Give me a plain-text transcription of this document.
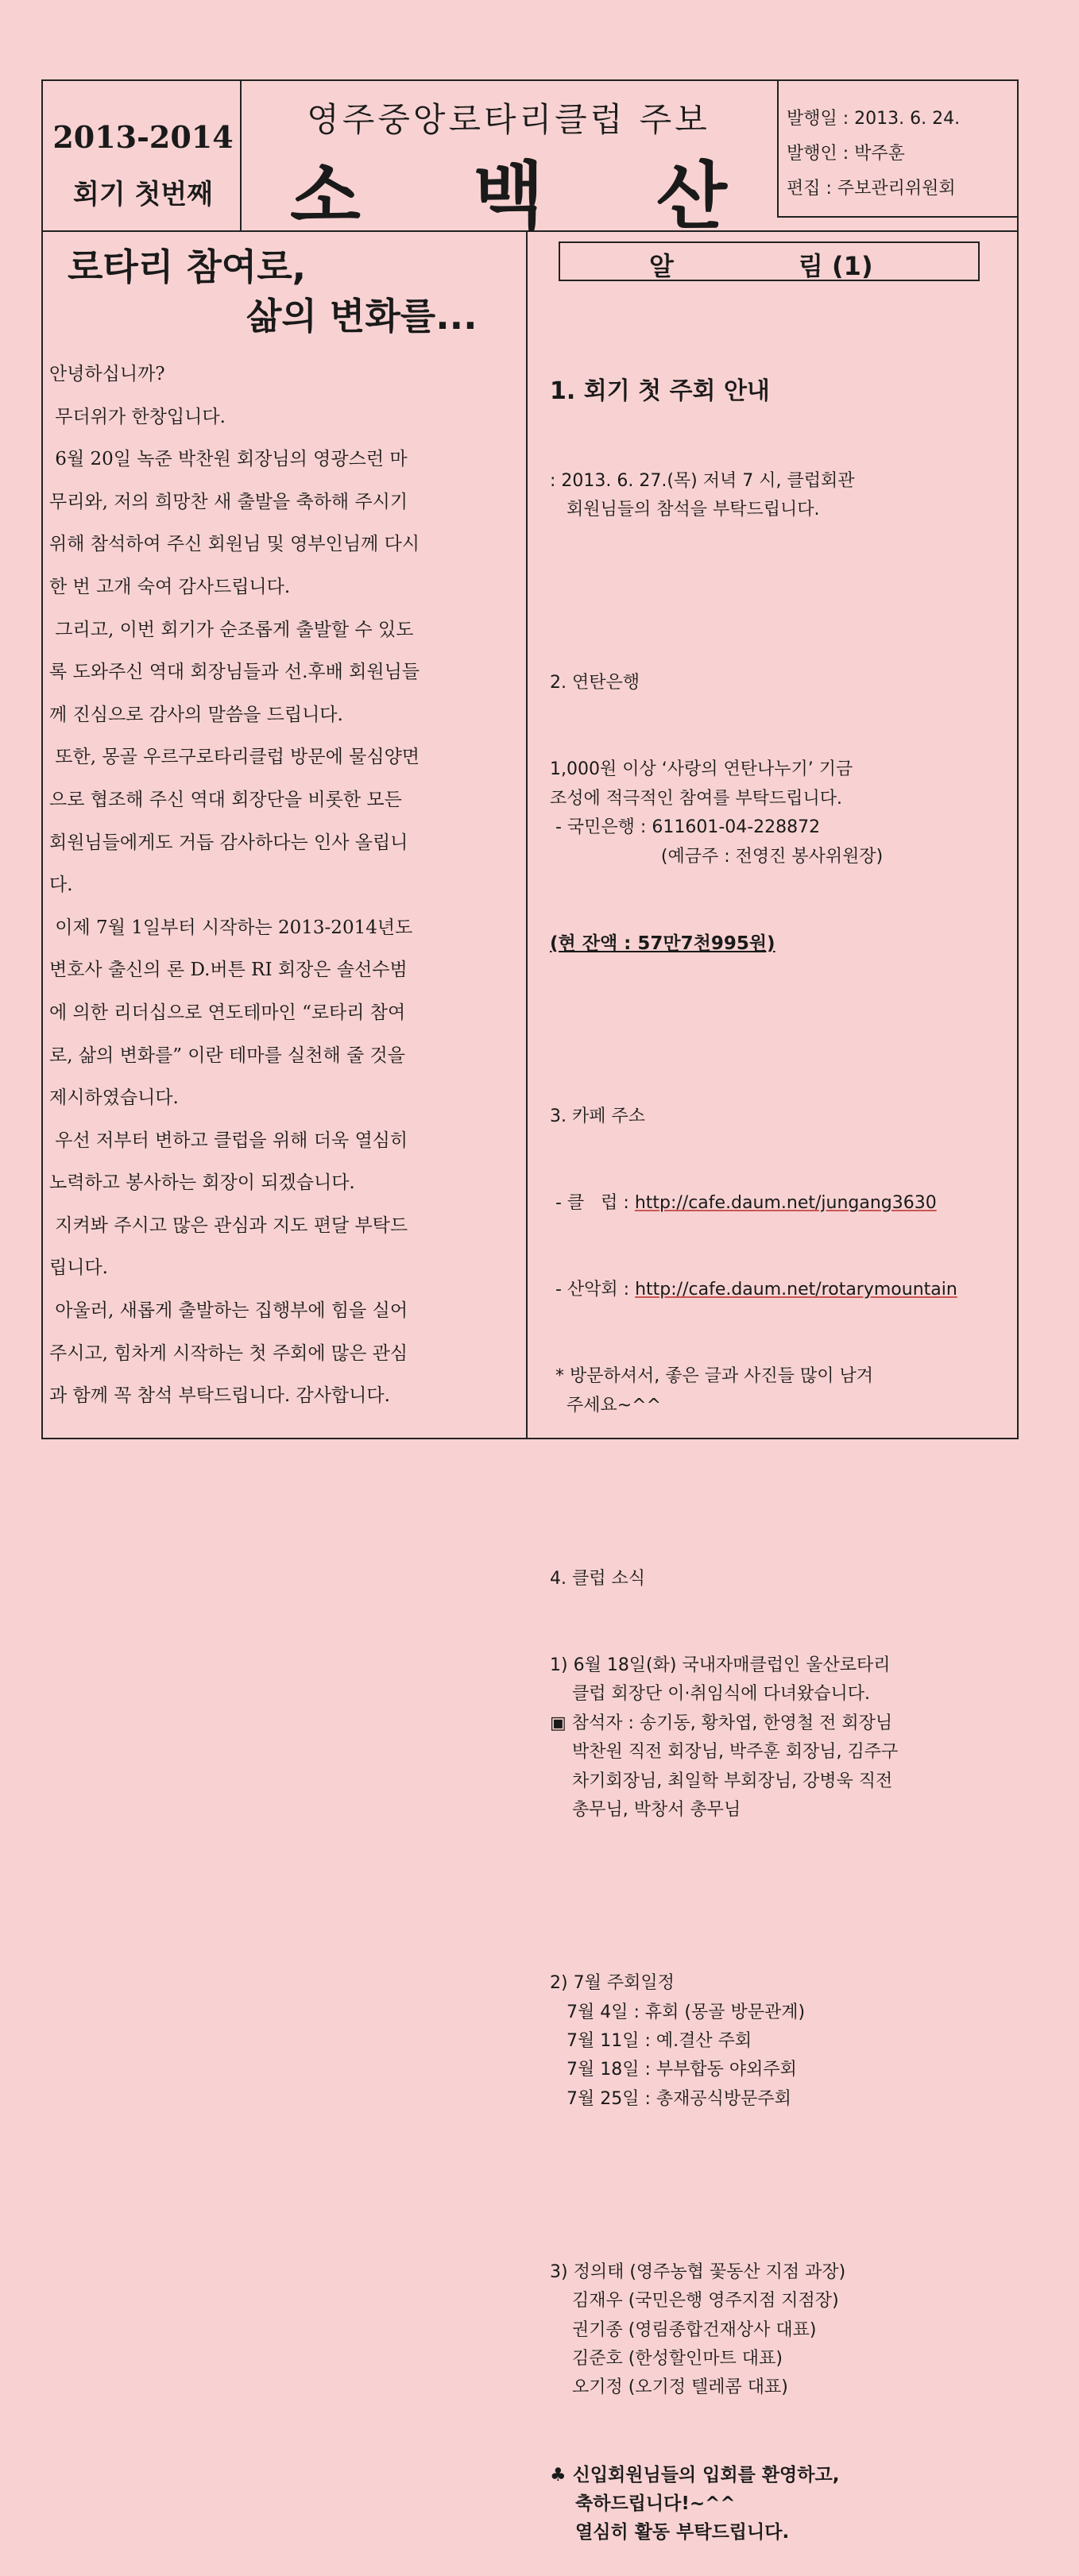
2013-2014
회기 첫번째
영주중앙로타리클럽 주보
소 백 산
발행일 : 2013. 6. 24.
발행인 : 박주훈
편집 : 주보관리위원회
로타리 참여로,
삶의 변화를...
안녕하십니까?
무더위가 한창입니다.
6월 20일 녹준 박찬원 회장님의 영광스런 마
무리와, 저의 희망찬 새 출발을 축하해 주시기
위해 참석하여 주신 회원님 및 영부인님께 다시
한 번 고개 숙여 감사드립니다.
그리고, 이번 회기가 순조롭게 출발할 수 있도
록 도와주신 역대 회장님들과 선.후배 회원님들
께 진심으로 감사의 말씀을 드립니다.
또한, 몽골 우르구로타리클럽 방문에 물심양면
으로 협조해 주신 역대 회장단을 비롯한 모든
회원님들에게도 거듭 감사하다는 인사 올립니
다.
이제 7월 1일부터 시작하는 2013-2014년도
변호사 출신의 론 D.버튼 RI 회장은 솔선수범
에 의한 리더십으로 연도테마인 “로타리 참여
로, 삶의 변화를” 이란 테마를 실천해 줄 것을
제시하였습니다.
우선 저부터 변하고 클럽을 위해 더욱 열심히
노력하고 봉사하는 회장이 되겠습니다.
지켜봐 주시고 많은 관심과 지도 편달 부탁드
립니다.
아울러, 새롭게 출발하는 집행부에 힘을 실어
주시고, 힘차게 시작하는 첫 주회에 많은 관심
과 함께 꼭 참석 부탁드립니다. 감사합니다.
알	림 (1)

1. 회기 첫 주회 안내

: 2013. 6. 27.(목) 저녁 7 시, 클럽회관
회원님들의 참석을 부탁드립니다.

2. 연탄은행

1,000원 이상 ‘사랑의 연탄나누기’ 기금
조성에 적극적인 참여를 부탁드립니다.
- 국민은행 : 611601-04-228872
(예금주 : 전영진 봉사위원장)

(현 잔액 : 57만7천995원)

3. 카페 주소

- 클   럽 : http://cafe.daum.net/jungang3630

- 산악회 : http://cafe.daum.net/rotarymountain

* 방문하셔서, 좋은 글과 사진들 많이 남겨
주세요~^^

4. 클럽 소식

1) 6월 18일(화) 국내자매클럽인 울산로타리
클럽 회장단 이·취임식에 다녀왔습니다.
▣ 참석자 : 송기동, 황차엽, 한영철 전 회장님
박찬원 직전 회장님, 박주훈 회장님, 김주구
차기회장님, 최일학 부회장님, 강병욱 직전
총무님, 박창서 총무님

2) 7월 주회일정
7월 4일 : 휴회 (몽골 방문관계)
7월 11일 : 예.결산 주회
7월 18일 : 부부합동 야외주회
7월 25일 : 총재공식방문주회

3) 정의태 (영주농협 꽃동산 지점 과장)
김재우 (국민은행 영주지점 지점장)
권기종 (영림종합건재상사 대표)
김준호 (한성할인마트 대표)
오기정 (오기정 텔레콤 대표)

♣ 신입회원님들의 입회를 환영하고,
축하드립니다!~^^
열심히 활동 부탁드립니다.
